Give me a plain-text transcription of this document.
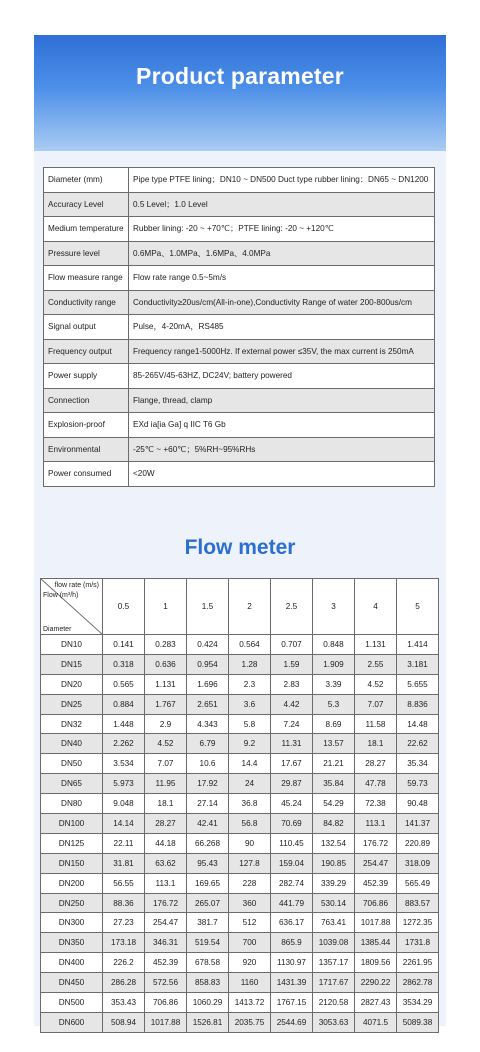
Product parameter
Diameter (mm)	Pipe type PTFE lining；DN10 ~ DN500 Duct type rubber lining：DN65 ~ DN1200
Accuracy Level	0.5 Level；1.0 Level
Medium temperature	Rubber lining: -20 ~ +70℃；PTFE lining: -20 ~ +120℃
Pressure level	0.6MPa、1.0MPa、1.6MPa、4.0MPa
Flow measure range	Flow rate range 0.5~5m/s
Conductivity range	Conductivity≥20us/cm(All-in-one),Conductivity Range of water 200-800us/cm
Signal output	Pulse，4-20mA，RS485
Frequency output	Frequency range1-5000Hz. If external power ≤35V, the max current is 250mA
Power supply	85-265V/45-63HZ, DC24V; battery powered
Connection	Flange, thread, clamp
Explosion-proof	EXd ia[ia Ga] q IIC T6 Gb
Environmental	-25℃ ~ +60℃；5%RH~95%RHs
Power consumed	<20W
Flow meter
flow rate (m/s)
Flow (m³/h)
Diameter	0.5	1	1.5	2	2.5	3	4	5
DN10	0.141	0.283	0.424	0.564	0.707	0.848	1.131	1.414
DN15	0.318	0.636	0.954	1.28	1.59	1.909	2.55	3.181
DN20	0.565	1.131	1.696	2.3	2.83	3.39	4.52	5.655
DN25	0.884	1.767	2.651	3.6	4.42	5.3	7.07	8.836
DN32	1.448	2.9	4.343	5.8	7.24	8.69	11.58	14.48
DN40	2.262	4.52	6.79	9.2	11.31	13.57	18.1	22.62
DN50	3.534	7.07	10.6	14.4	17.67	21.21	28.27	35.34
DN65	5.973	11.95	17.92	24	29.87	35.84	47.78	59.73
DN80	9.048	18.1	27.14	36.8	45.24	54.29	72.38	90.48
DN100	14.14	28.27	42.41	56.8	70.69	84.82	113.1	141.37
DN125	22.11	44.18	66.268	90	110.45	132.54	176.72	220.89
DN150	31.81	63.62	95.43	127.8	159.04	190.85	254.47	318.09
DN200	56.55	113.1	169.65	228	282.74	339.29	452.39	565.49
DN250	88.36	176.72	265.07	360	441.79	530.14	706.86	883.57
DN300	27.23	254.47	381.7	512	636.17	763.41	1017.88	1272.35
DN350	173.18	346.31	519.54	700	865.9	1039.08	1385.44	1731.8
DN400	226.2	452.39	678.58	920	1130.97	1357.17	1809.56	2261.95
DN450	286.28	572.56	858.83	1160	1431.39	1717.67	2290.22	2862.78
DN500	353.43	706.86	1060.29	1413.72	1767.15	2120.58	2827.43	3534.29
DN600	508.94	1017.88	1526.81	2035.75	2544.69	3053.63	4071.5	5089.38
